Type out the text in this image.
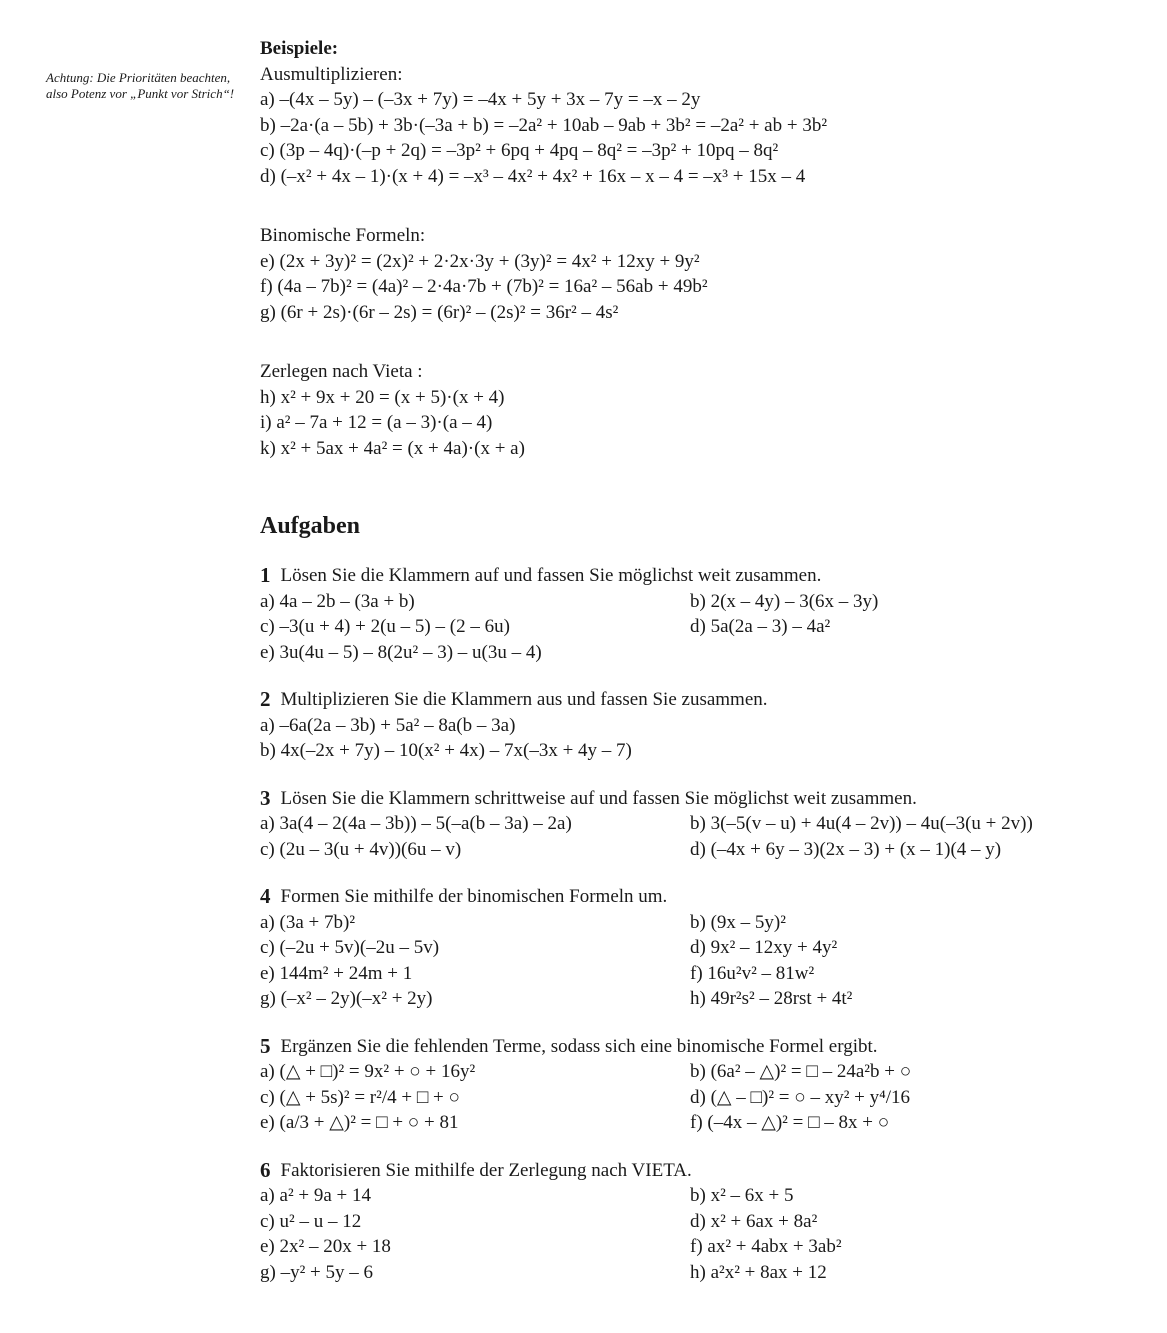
Achtung: Die Prioritäten beachten, also Potenz vor „Punkt vor Strich“!
Beispiele:
Ausmultiplizieren:
a) –(4x – 5y) – (–3x + 7y) = –4x + 5y + 3x – 7y = –x – 2y
b) –2a·(a – 5b) + 3b·(–3a + b) = –2a² + 10ab – 9ab + 3b² = –2a² + ab + 3b²
c) (3p – 4q)·(–p + 2q) = –3p² + 6pq + 4pq – 8q² = –3p² + 10pq – 8q²
d) (–x² + 4x – 1)·(x + 4) = –x³ – 4x² + 4x² + 16x – x – 4 = –x³ + 15x – 4
Binomische Formeln:
e) (2x + 3y)² = (2x)² + 2·2x·3y + (3y)² = 4x² + 12xy + 9y²
f) (4a – 7b)² = (4a)² – 2·4a·7b + (7b)² = 16a² – 56ab + 49b²
g) (6r + 2s)·(6r – 2s) = (6r)² – (2s)² = 36r² – 4s²
Zerlegen nach Vieta :
h) x² + 9x + 20 = (x + 5)·(x + 4)
i) a² – 7a + 12 = (a – 3)·(a – 4)
k) x² + 5ax + 4a² = (x + 4a)·(x + a)
Aufgaben
1 Lösen Sie die Klammern auf und fassen Sie möglichst weit zusammen.
a) 4a – 2b – (3a + b)	b) 2(x – 4y) – 3(6x – 3y)
c) –3(u + 4) + 2(u – 5) – (2 – 6u)	d) 5a(2a – 3) – 4a²
e) 3u(4u – 5) – 8(2u² – 3) – u(3u – 4)
2 Multiplizieren Sie die Klammern aus und fassen Sie zusammen.
a) –6a(2a – 3b) + 5a² – 8a(b – 3a)
b) 4x(–2x + 7y) – 10(x² + 4x) – 7x(–3x + 4y – 7)
3 Lösen Sie die Klammern schrittweise auf und fassen Sie möglichst weit zusammen.
a) 3a(4 – 2(4a – 3b)) – 5(–a(b – 3a) – 2a)	b) 3(–5(v – u) + 4u(4 – 2v)) – 4u(–3(u + 2v))
c) (2u – 3(u + 4v))(6u – v)	d) (–4x + 6y – 3)(2x – 3) + (x – 1)(4 – y)
4 Formen Sie mithilfe der binomischen Formeln um.
a) (3a + 7b)²	b) (9x – 5y)²
c) (–2u + 5v)(–2u – 5v)	d) 9x² – 12xy + 4y²
e) 144m² + 24m + 1	f) 16u²v² – 81w²
g) (–x² – 2y)(–x² + 2y)	h) 49r²s² – 28rst + 4t²
5 Ergänzen Sie die fehlenden Terme, sodass sich eine binomische Formel ergibt.
a) (△ + □)² = 9x² + ○ + 16y²	b) (6a² – △)² = □ – 24a²b + ○
c) (△ + 5s)² = r²/4 + □ + ○	d) (△ – □)² = ○ – xy² + y⁴/16
e) (a/3 + △)² = □ + ○ + 81	f) (–4x – △)² = □ – 8x + ○
6 Faktorisieren Sie mithilfe der Zerlegung nach VIETA.
a) a² + 9a + 14	b) x² – 6x + 5
c) u² – u – 12	d) x² + 6ax + 8a²
e) 2x² – 20x + 18	f) ax² + 4abx + 3ab²
g) –y² + 5y – 6	h) a²x² + 8ax + 12
